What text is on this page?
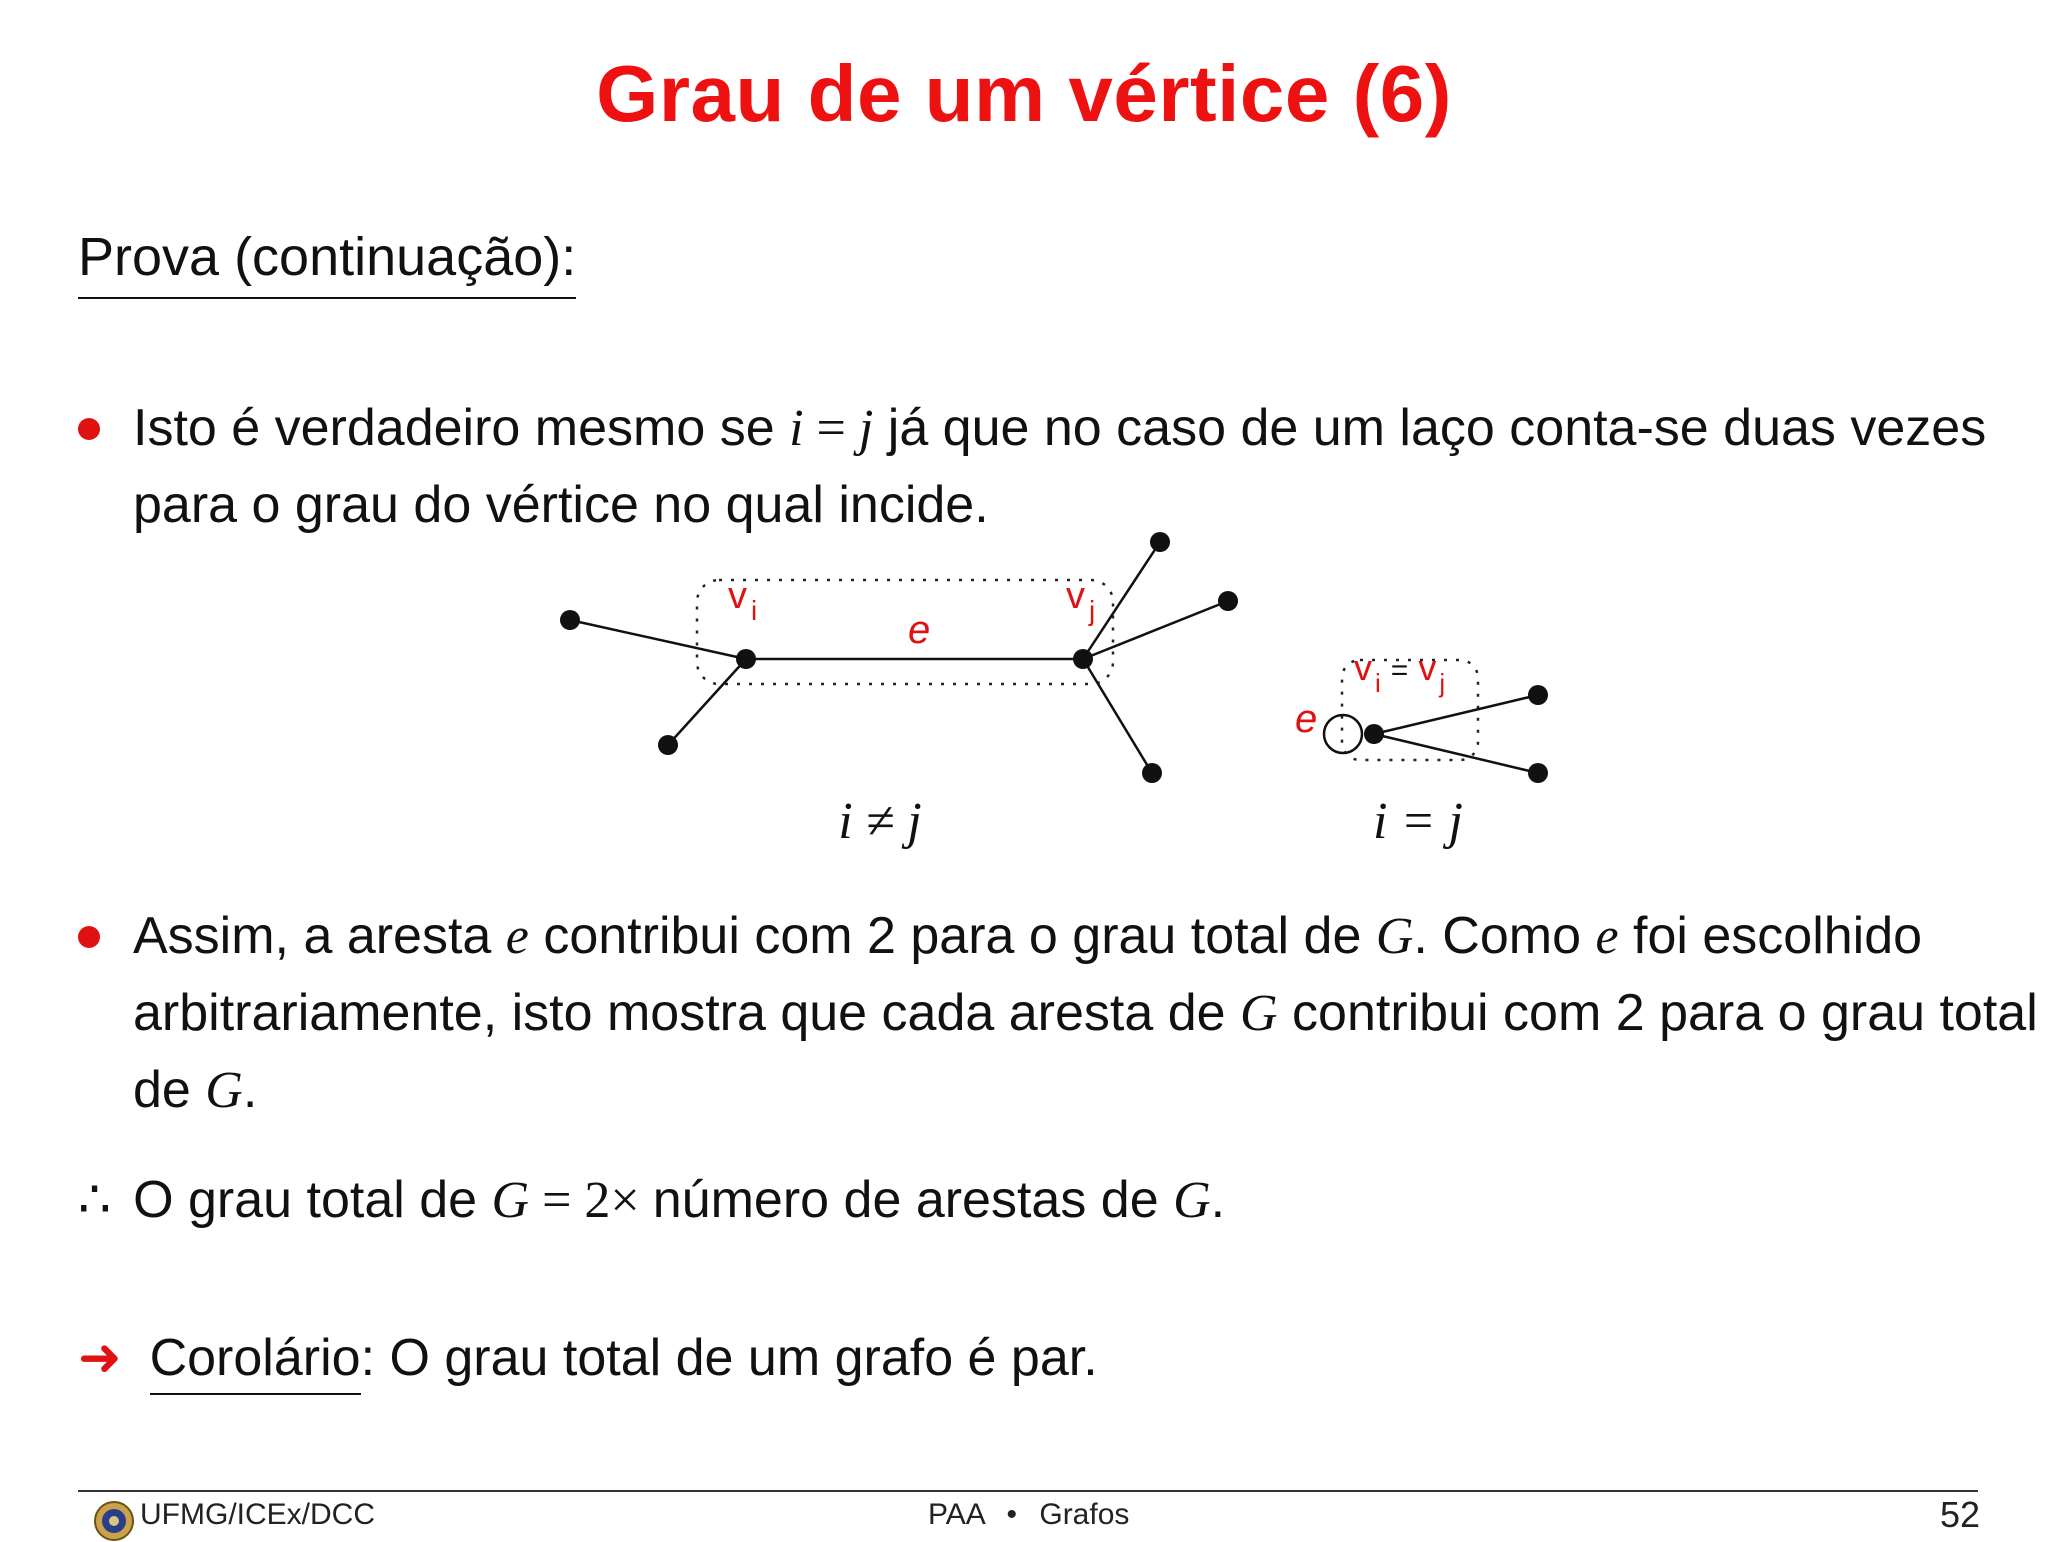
Grau de um vértice (6)
Prova (continuação):
Isto é verdadeiro mesmo se i = j já que no caso de um laço conta-se duas vezes para o grau do vértice no qual incide.
v $_i$	v $_j$
e
i ≠ j
v $_i$ = v $_j$
e
i = j
Assim, a aresta e contribui com 2 para o grau total de G. Como e foi escolhido arbitrariamente, isto mostra que cada aresta de G contribui com 2 para o grau total de G.
∴ O grau total de G = 2× número de arestas de G.
➜ Corolário: O grau total de um grafo é par.
UFMG/ICEx/DCC	PAA • Grafos	52
